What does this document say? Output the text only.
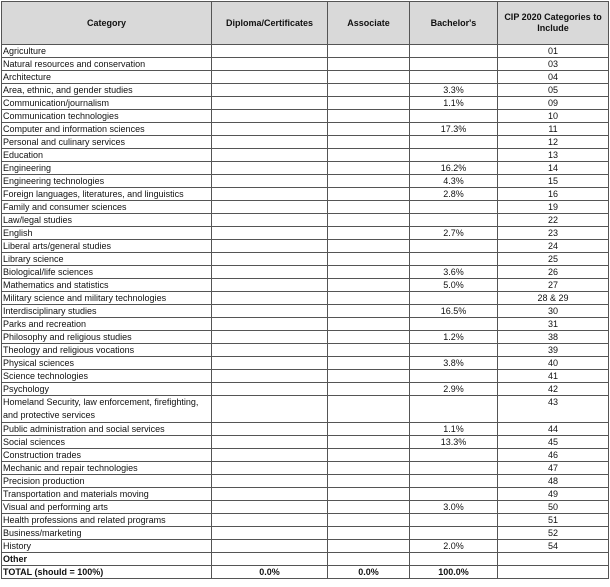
Category	Diploma/Certificates	Associate	Bachelor's	CIP 2020 Categories to Include
Agriculture				01
Natural resources and conservation				03
Architecture				04
Area, ethnic, and gender studies			3.3%	05
Communication/journalism			1.1%	09
Communication technologies				10
Computer and information sciences			17.3%	11
Personal and culinary services				12
Education				13
Engineering			16.2%	14
Engineering technologies			4.3%	15
Foreign languages, literatures, and linguistics			2.8%	16
Family and consumer sciences				19
Law/legal studies				22
English			2.7%	23
Liberal arts/general studies				24
Library science				25
Biological/life sciences			3.6%	26
Mathematics and statistics			5.0%	27
Military science and military technologies				28 & 29
Interdisciplinary studies			16.5%	30
Parks and recreation				31
Philosophy and religious studies			1.2%	38
Theology and religious vocations				39
Physical sciences			3.8%	40
Science technologies				41
Psychology			2.9%	42
Homeland Security, law enforcement, firefighting, and protective services				43
Public administration and social services			1.1%	44
Social sciences			13.3%	45
Construction trades				46
Mechanic and repair technologies				47
Precision production				48
Transportation and materials moving				49
Visual and performing arts			3.0%	50
Health professions and related programs				51
Business/marketing				52
History			2.0%	54
Other				
TOTAL (should = 100%)	0.0%	0.0%	100.0%	
